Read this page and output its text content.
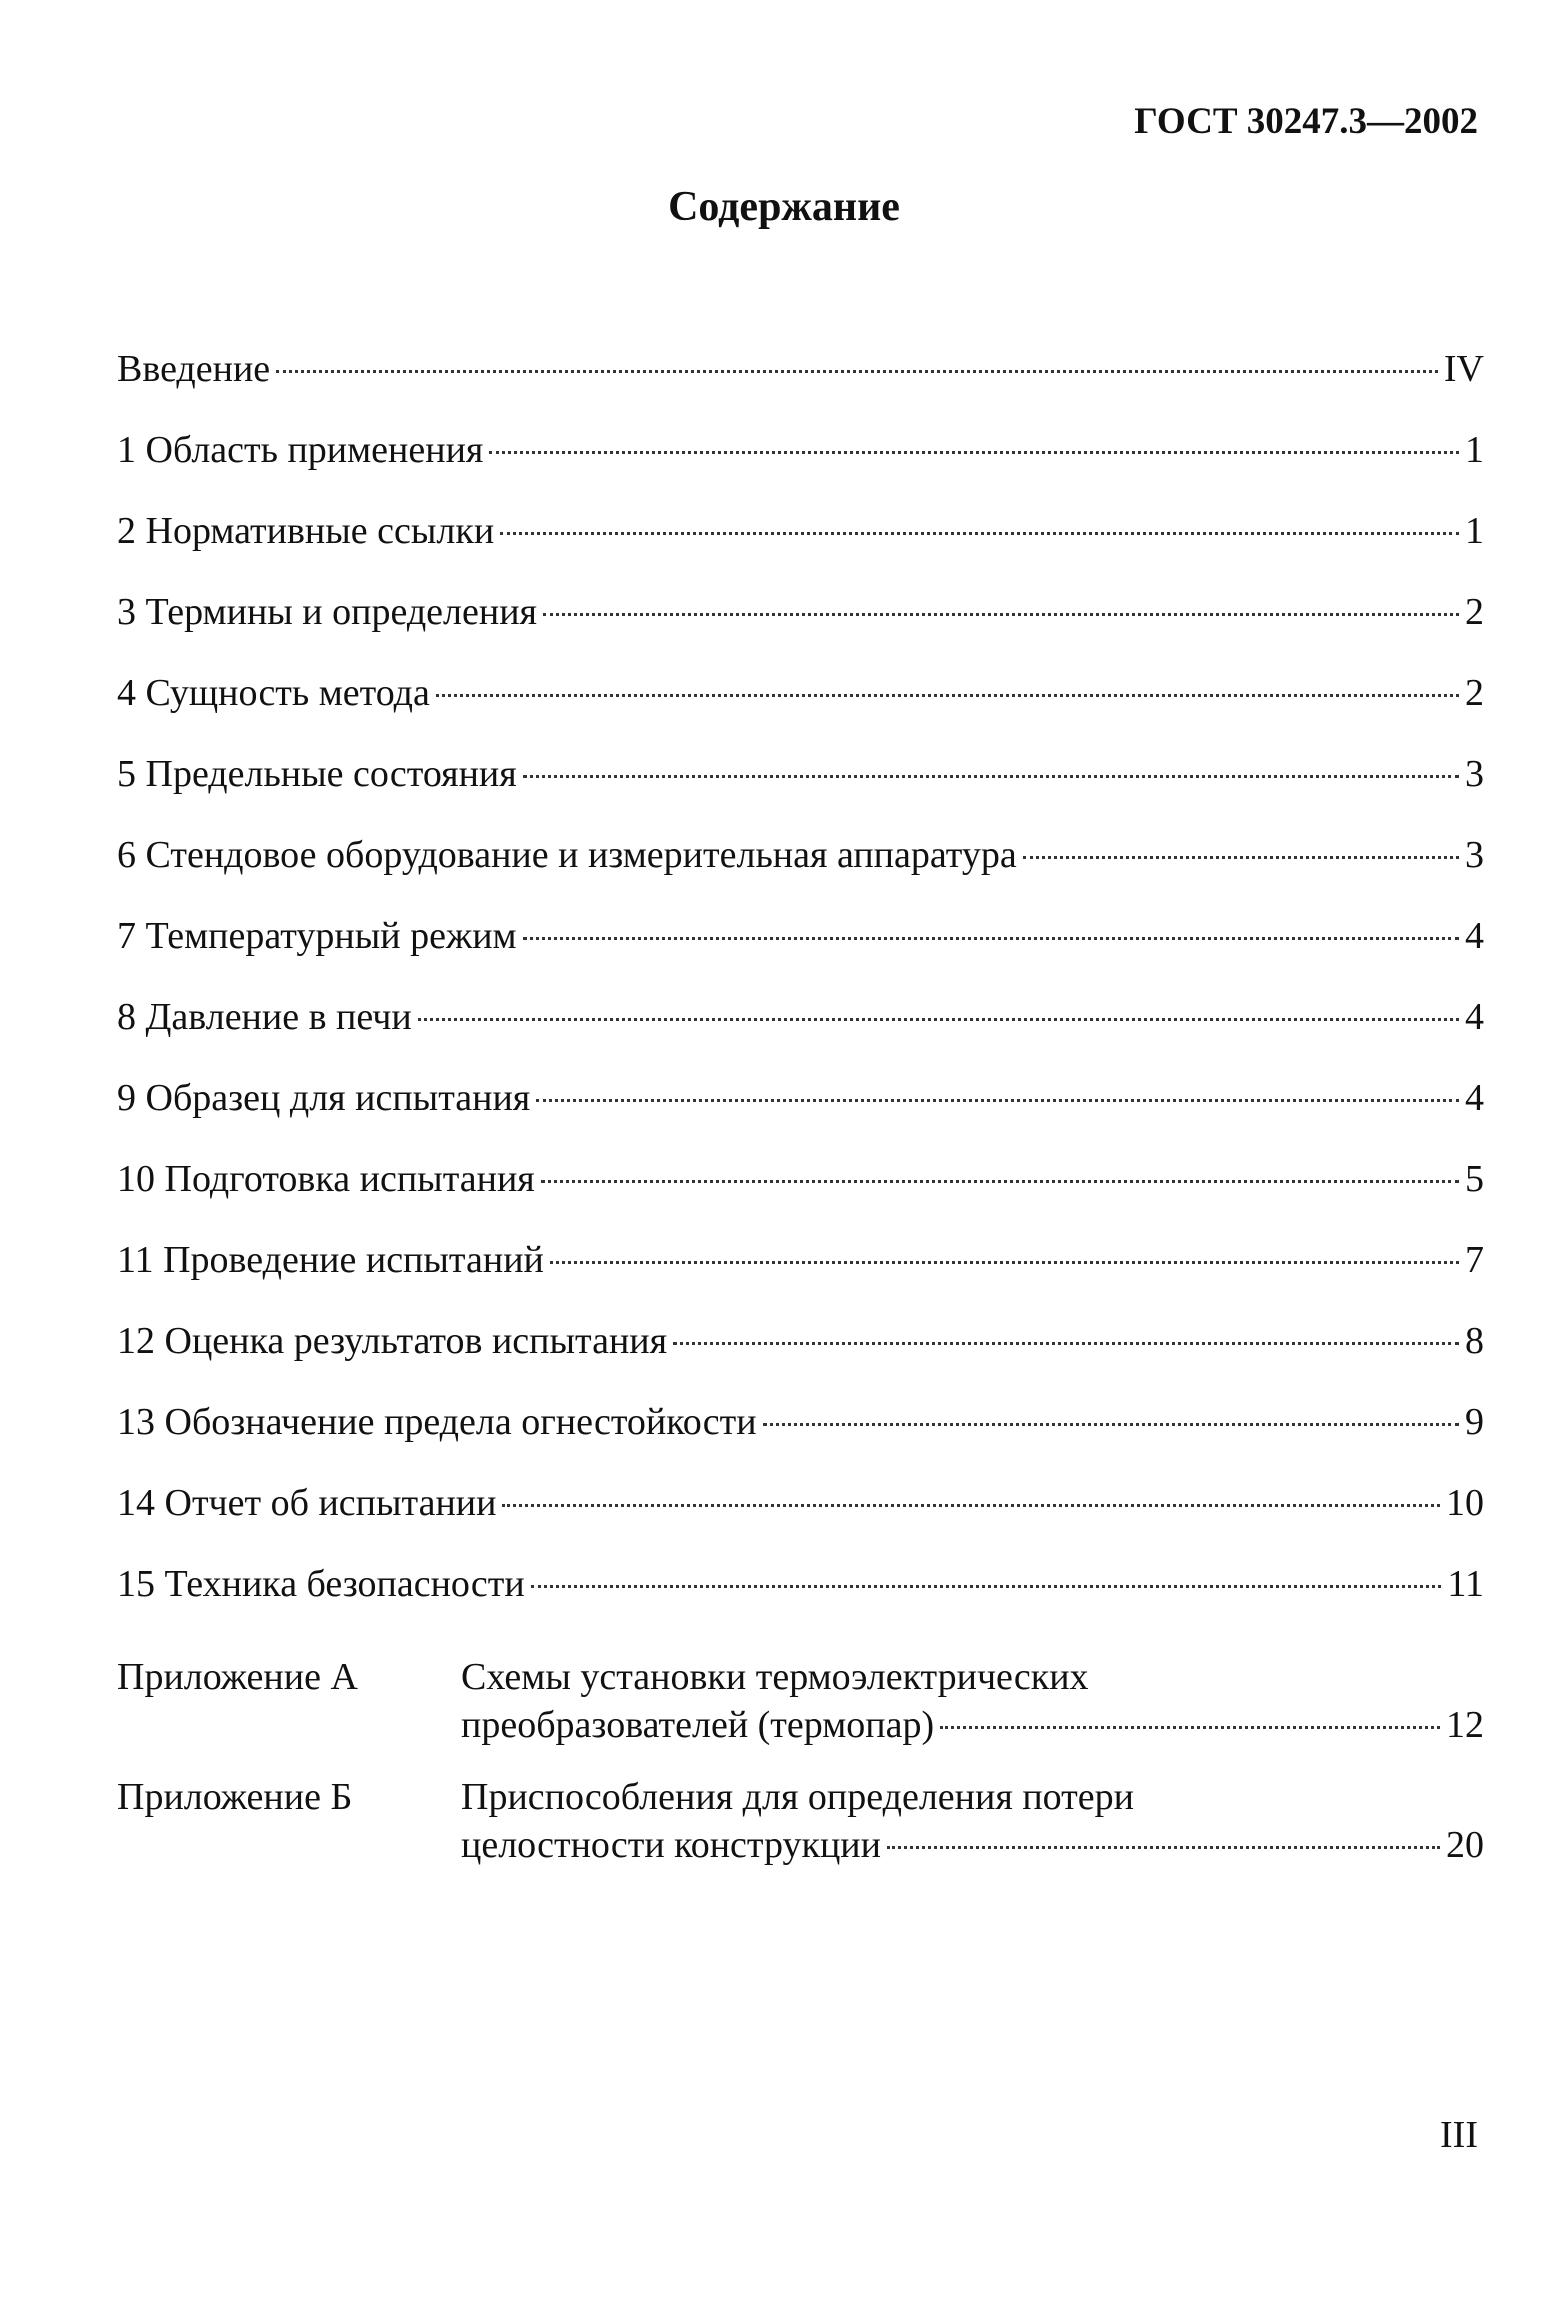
ГОСТ 30247.3—2002
Содержание
Введение	IV
1 Область применения	1
2 Нормативные ссылки	1
3 Термины и определения	2
4 Сущность метода	2
5 Предельные состояния	3
6 Стендовое оборудование и измерительная аппаратура	3
7 Температурный режим	4
8 Давление в печи	4
9 Образец для испытания	4
10 Подготовка испытания	5
11 Проведение испытаний	7
12 Оценка результатов испытания	8
13 Обозначение предела огнестойкости	9
14 Отчет об испытании	10
15 Техника безопасности	11
Приложение А	Схемы установки термоэлектрических
преобразователей (термопар)	12
Приложение Б	Приспособления для определения потери
целостности конструкции	20
III
